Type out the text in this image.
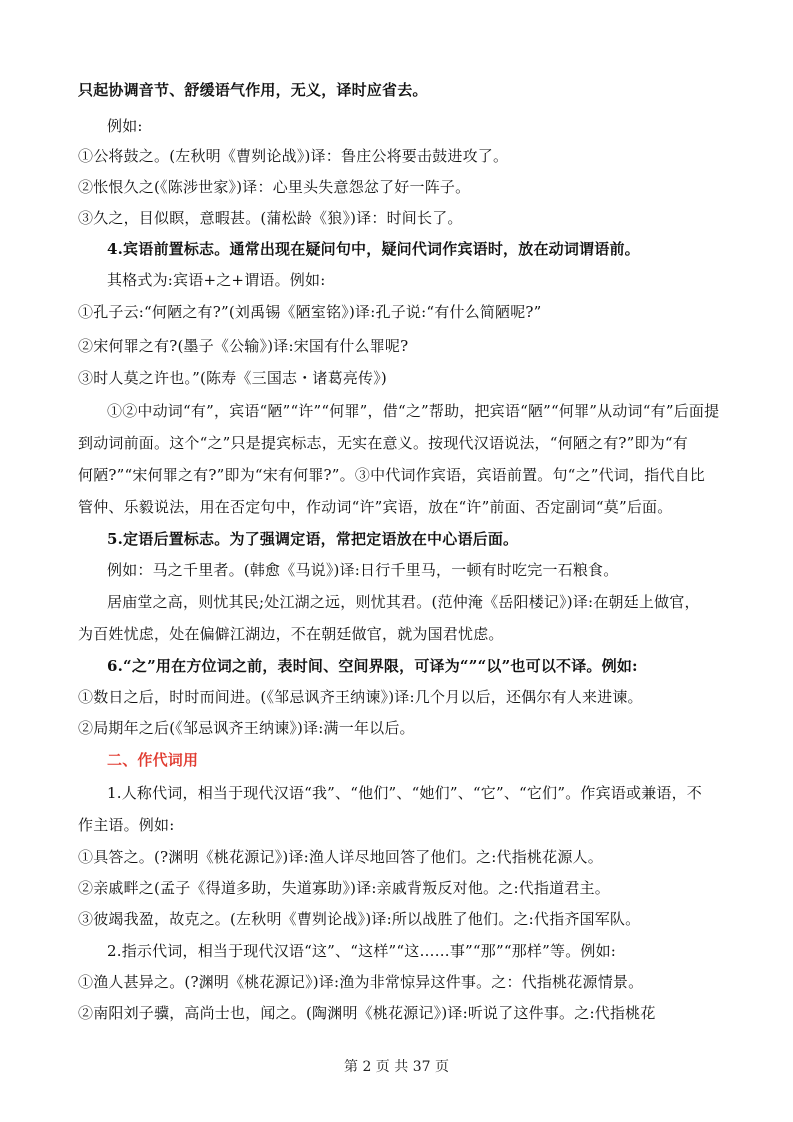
只起协调音节、舒缓语气作用，无义，译时应省去。
例如:
①公将鼓之。(左秋明《曹刿论战》)译：鲁庄公将要击鼓进攻了。
②怅恨久之(《陈涉世家》)译：心里头失意怨忿了好一阵子。
③久之，目似瞑，意暇甚。(蒲松龄《狼》)译：时间长了。
4.宾语前置标志。通常出现在疑问句中，疑问代词作宾语时，放在动词谓语前。
其格式为:宾语+之+谓语。例如:
①孔子云:“何陋之有?”(刘禹锡《陋室铭》)译:孔子说:“有什么简陋呢?”
②宋何罪之有?(墨子《公输》)译:宋国有什么罪呢?
③时人莫之许也。”(陈寿《三国志・诸葛亮传》)
①②中动词“有”，宾语“陋”“许”“何罪”，借“之”帮助，把宾语“陋”“何罪”从动词“有”后面提
到动词前面。这个“之”只是提宾标志，无实在意义。按现代汉语说法，“何陋之有?”即为“有
何陋?”“宋何罪之有?”即为“宋有何罪?”。③中代词作宾语，宾语前置。句“之”代词，指代自比
管仲、乐毅说法，用在否定句中，作动词“许”宾语，放在“许”前面、否定副词“莫”后面。
5.定语后置标志。为了强调定语，常把定语放在中心语后面。
例如：马之千里者。(韩愈《马说》)译:日行千里马，一顿有时吃完一石粮食。
居庙堂之高，则忧其民;处江湖之远，则忧其君。(范仲淹《岳阳楼记》)译:在朝廷上做官，
为百姓忧虑，处在偏僻江湖边，不在朝廷做官，就为国君忧虑。
6.“之”用在方位词之前，表时间、空间界限，可译为“”“以”也可以不译。例如:
①数日之后，时时而间进。(《邹忌讽齐王纳谏》)译:几个月以后，还偶尔有人来进谏。
②局期年之后(《邹忌讽齐王纳谏》)译:满一年以后。
二、作代词用
1.人称代词，相当于现代汉语“我”、“他们”、“她们”、“它”、“它们”。作宾语或兼语，不
作主语。例如:
①具答之。(?渊明《桃花源记》)译:渔人详尽地回答了他们。之:代指桃花源人。
②亲戚畔之(孟子《得道多助，失道寡助》)译:亲戚背叛反对他。之:代指道君主。
③彼竭我盈，故克之。(左秋明《曹刿论战》)译:所以战胜了他们。之:代指齐国军队。
2.指示代词，相当于现代汉语“这”、“这样”“这……事”“那”“那样”等。例如:
①渔人甚异之。(?渊明《桃花源记》)译:渔为非常惊异这件事。之：代指桃花源情景。
②南阳刘子骥，高尚士也，闻之。(陶渊明《桃花源记》)译:听说了这件事。之:代指桃花
第 2 页 共 37 页
